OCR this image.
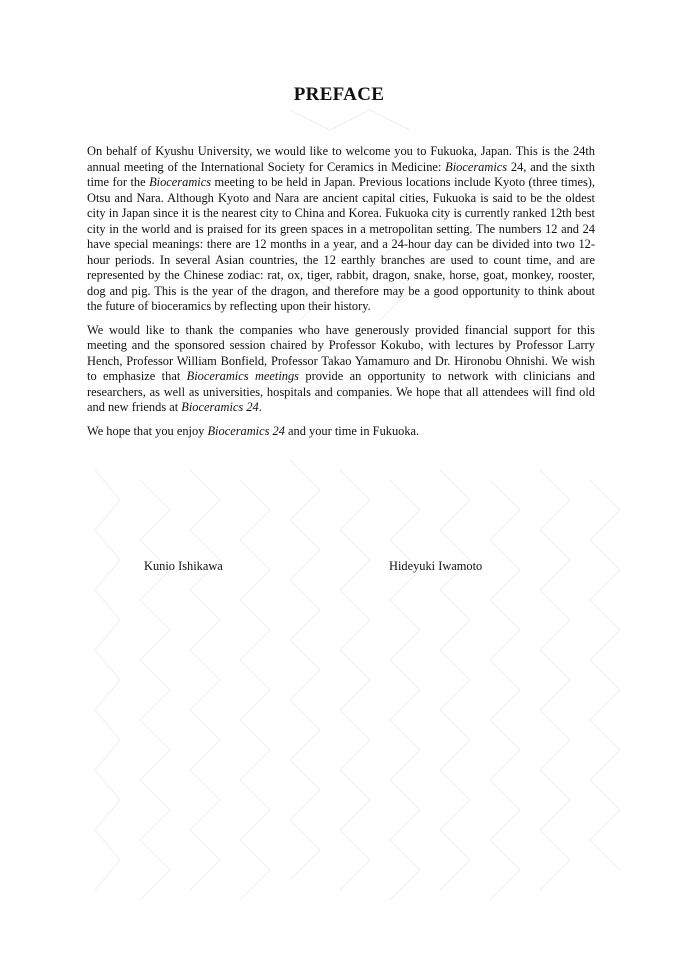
PREFACE

On behalf of Kyushu University, we would like to welcome you to Fukuoka, Japan. This is the 24th annual meeting of the International Society for Ceramics in Medicine: Bioceramics 24, and the sixth time for the Bioceramics meeting to be held in Japan. Previous locations include Kyoto (three times), Otsu and Nara. Although Kyoto and Nara are ancient capital cities, Fukuoka is said to be the oldest city in Japan since it is the nearest city to China and Korea. Fukuoka city is currently ranked 12th best city in the world and is praised for its green spaces in a metropolitan setting. The numbers 12 and 24 have special meanings: there are 12 months in a year, and a 24-hour day can be divided into two 12-hour periods. In several Asian countries, the 12 earthly branches are used to count time, and are represented by the Chinese zodiac: rat, ox, tiger, rabbit, dragon, snake, horse, goat, monkey, rooster, dog and pig. This is the year of the dragon, and therefore may be a good opportunity to think about the future of bioceramics by reflecting upon their history.

We would like to thank the companies who have generously provided financial support for this meeting and the sponsored session chaired by Professor Kokubo, with lectures by Professor Larry Hench, Professor William Bonfield, Professor Takao Yamamuro and Dr. Hironobu Ohnishi. We wish to emphasize that Bioceramics meetings provide an opportunity to network with clinicians and researchers, as well as universities, hospitals and companies. We hope that all attendees will find old and new friends at Bioceramics 24.

We hope that you enjoy Bioceramics 24 and your time in Fukuoka.

Kunio Ishikawa	Hideyuki Iwamoto
